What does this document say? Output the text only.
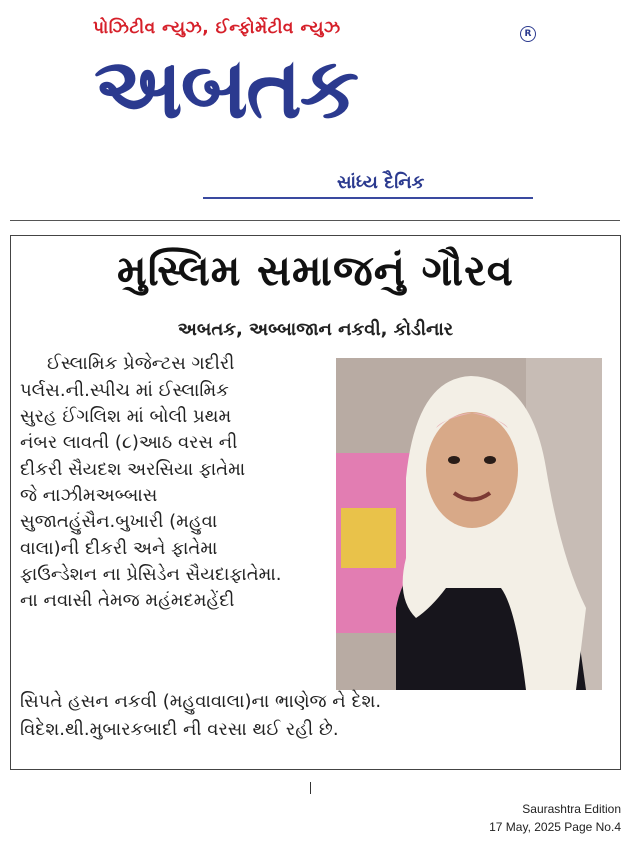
પોઝિટીવ ન્યુઝ, ઈન્ફોર્મેટીવ ન્યુઝ	R
અબતક
સાંધ્ય દૈનિક
મુસ્લિમ સમાજનું ગૌરવ
અબતક, અબ્બાજાન નકવી, કોડીનાર
ઈસ્લામિક પ્રેજેન્ટસ ગદીરી
પર્લસ.ની.સ્પીચ માં ઈસ્લામિક
સુરહ ઈંગલિશ માં બોલી પ્રથમ
નંબર લાવતી (૮)આઠ વરસ ની
દીકરી સૈયદશ અરસિયા ફાતેમા
જે નાઝીમઅબ્બાસ
સુજાતહુંસૈન.બુખારી (મહુવા
વાલા)ની દીકરી અને ફાતેમા
ફાઉન્ડેશન ના પ્રેસિડેન સૈયદાફાતેમા.
ના નવાસી તેમજ મહંમદમહેંદી
સિપતે હસન નકવી (મહુવાવાલા)ના ભાણેજ ને દેશ.
વિદેશ.થી.મુબારકબાદી ની વરસા થઈ રહી છે.
Saurashtra Edition
17 May, 2025 Page No.4
